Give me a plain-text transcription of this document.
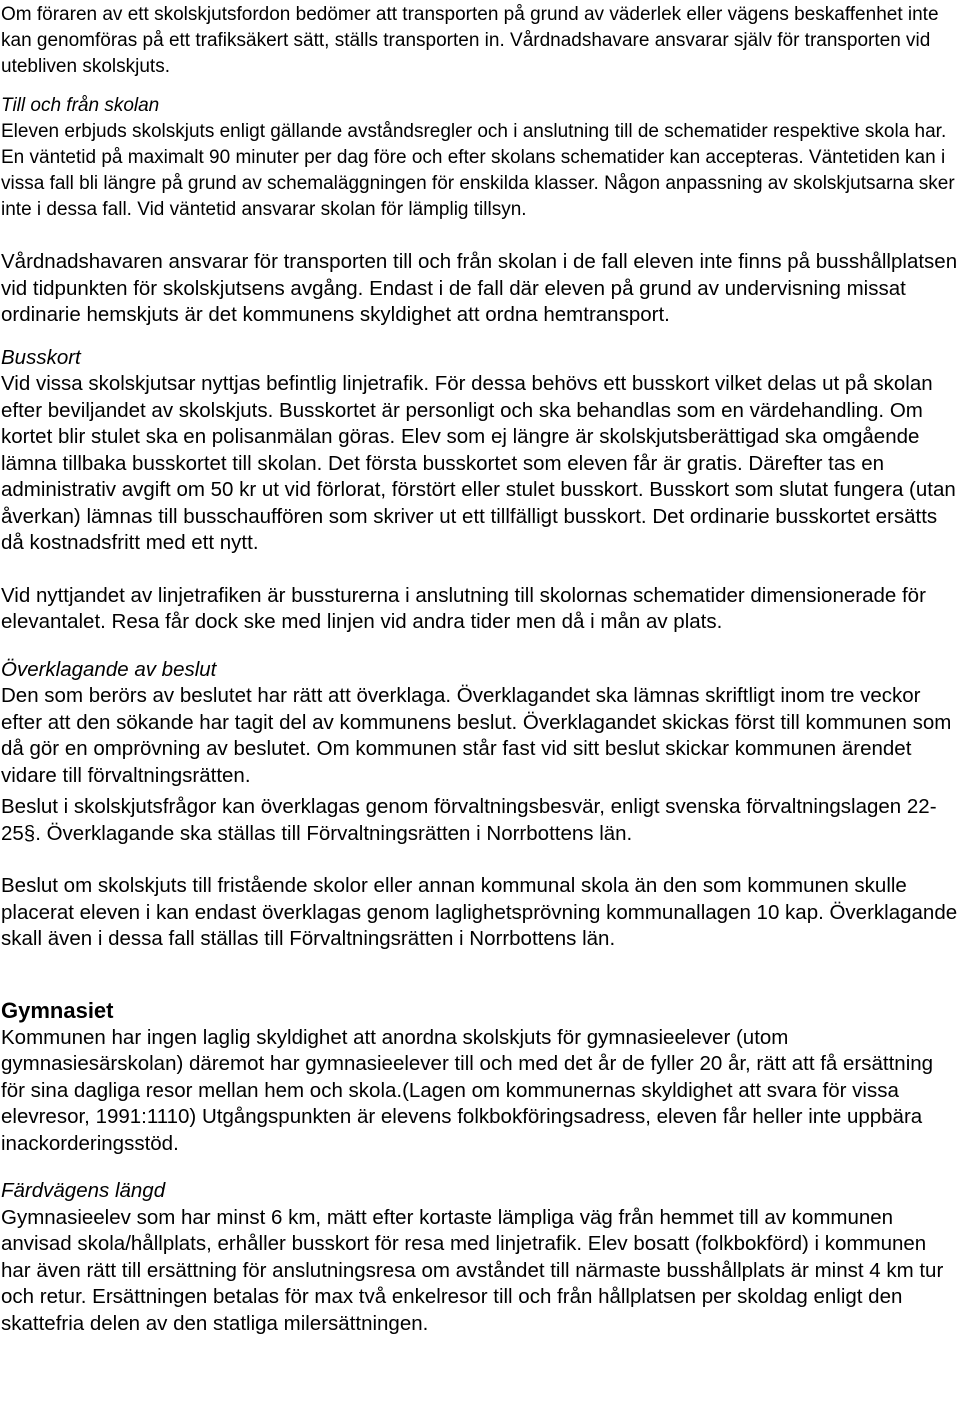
Om föraren av ett skolskjutsfordon bedömer att transporten på grund av väderlek eller vägens beskaffenhet inte kan genomföras på ett trafiksäkert sätt, ställs transporten in. Vårdnadshavare ansvarar själv för transporten vid utebliven skolskjuts.

Till och från skolan

Eleven erbjuds skolskjuts enligt gällande avståndsregler och i anslutning till de schematider respektive skola har. En väntetid på maximalt 90 minuter per dag före och efter skolans schematider kan accepteras. Väntetiden kan i vissa fall bli längre på grund av schemaläggningen för enskilda klasser. Någon anpassning av skolskjutsarna sker inte i dessa fall. Vid väntetid ansvarar skolan för lämplig tillsyn.

Vårdnadshavaren ansvarar för transporten till och från skolan i de fall eleven inte finns på busshållplatsen vid tidpunkten för skolskjutsens avgång. Endast i de fall där eleven på grund av undervisning missat ordinarie hemskjuts är det kommunens skyldighet att ordna hemtransport.

Busskort

Vid vissa skolskjutsar nyttjas befintlig linjetrafik. För dessa behövs ett busskort vilket delas ut på skolan efter beviljandet av skolskjuts. Busskortet är personligt och ska behandlas som en värdehandling. Om kortet blir stulet ska en polisanmälan göras. Elev som ej längre är skolskjutsberättigad ska omgående lämna tillbaka busskortet till skolan. Det första busskortet som eleven får är gratis. Därefter tas en administrativ avgift om 50 kr ut vid förlorat, förstört eller stulet busskort. Busskort som slutat fungera (utan åverkan) lämnas till busschauffören som skriver ut ett tillfälligt busskort. Det ordinarie busskortet ersätts då kostnadsfritt med ett nytt.

Vid nyttjandet av linjetrafiken är bussturerna i anslutning till skolornas schematider dimensionerade för elevantalet. Resa får dock ske med linjen vid andra tider men då i mån av plats.

Överklagande av beslut

Den som berörs av beslutet har rätt att överklaga. Överklagandet ska lämnas skriftligt inom tre veckor efter att den sökande har tagit del av kommunens beslut. Överklagandet skickas först till kommunen som då gör en omprövning av beslutet. Om kommunen står fast vid sitt beslut skickar kommunen ärendet vidare till förvaltningsrätten.

Beslut i skolskjutsfrågor kan överklagas genom förvaltningsbesvär, enligt svenska förvaltningslagen 22-25§. Överklagande ska ställas till Förvaltningsrätten i Norrbottens län.

Beslut om skolskjuts till fristående skolor eller annan kommunal skola än den som kommunen skulle placerat eleven i kan endast överklagas genom laglighetsprövning kommunallagen 10 kap. Överklagande skall även i dessa fall ställas till Förvaltningsrätten i Norrbottens län.

Gymnasiet

Kommunen har ingen laglig skyldighet att anordna skolskjuts för gymnasieelever (utom gymnasiesärskolan) däremot har gymnasieelever till och med det år de fyller 20 år, rätt att få ersättning för sina dagliga resor mellan hem och skola.(Lagen om kommunernas skyldighet att svara för vissa elevresor, 1991:1110) Utgångspunkten är elevens folkbokföringsadress, eleven får heller inte uppbära inackorderingsstöd.

Färdvägens längd

Gymnasieelev som har minst 6 km, mätt efter kortaste lämpliga väg från hemmet till av kommunen anvisad skola/hållplats, erhåller busskort för resa med linjetrafik. Elev bosatt (folkbokförd) i kommunen har även rätt till ersättning för anslutningsresa om avståndet till närmaste busshållplats är minst 4 km tur och retur. Ersättningen betalas för max två enkelresor till och från hållplatsen per skoldag enligt den skattefria delen av den statliga milersättningen.
